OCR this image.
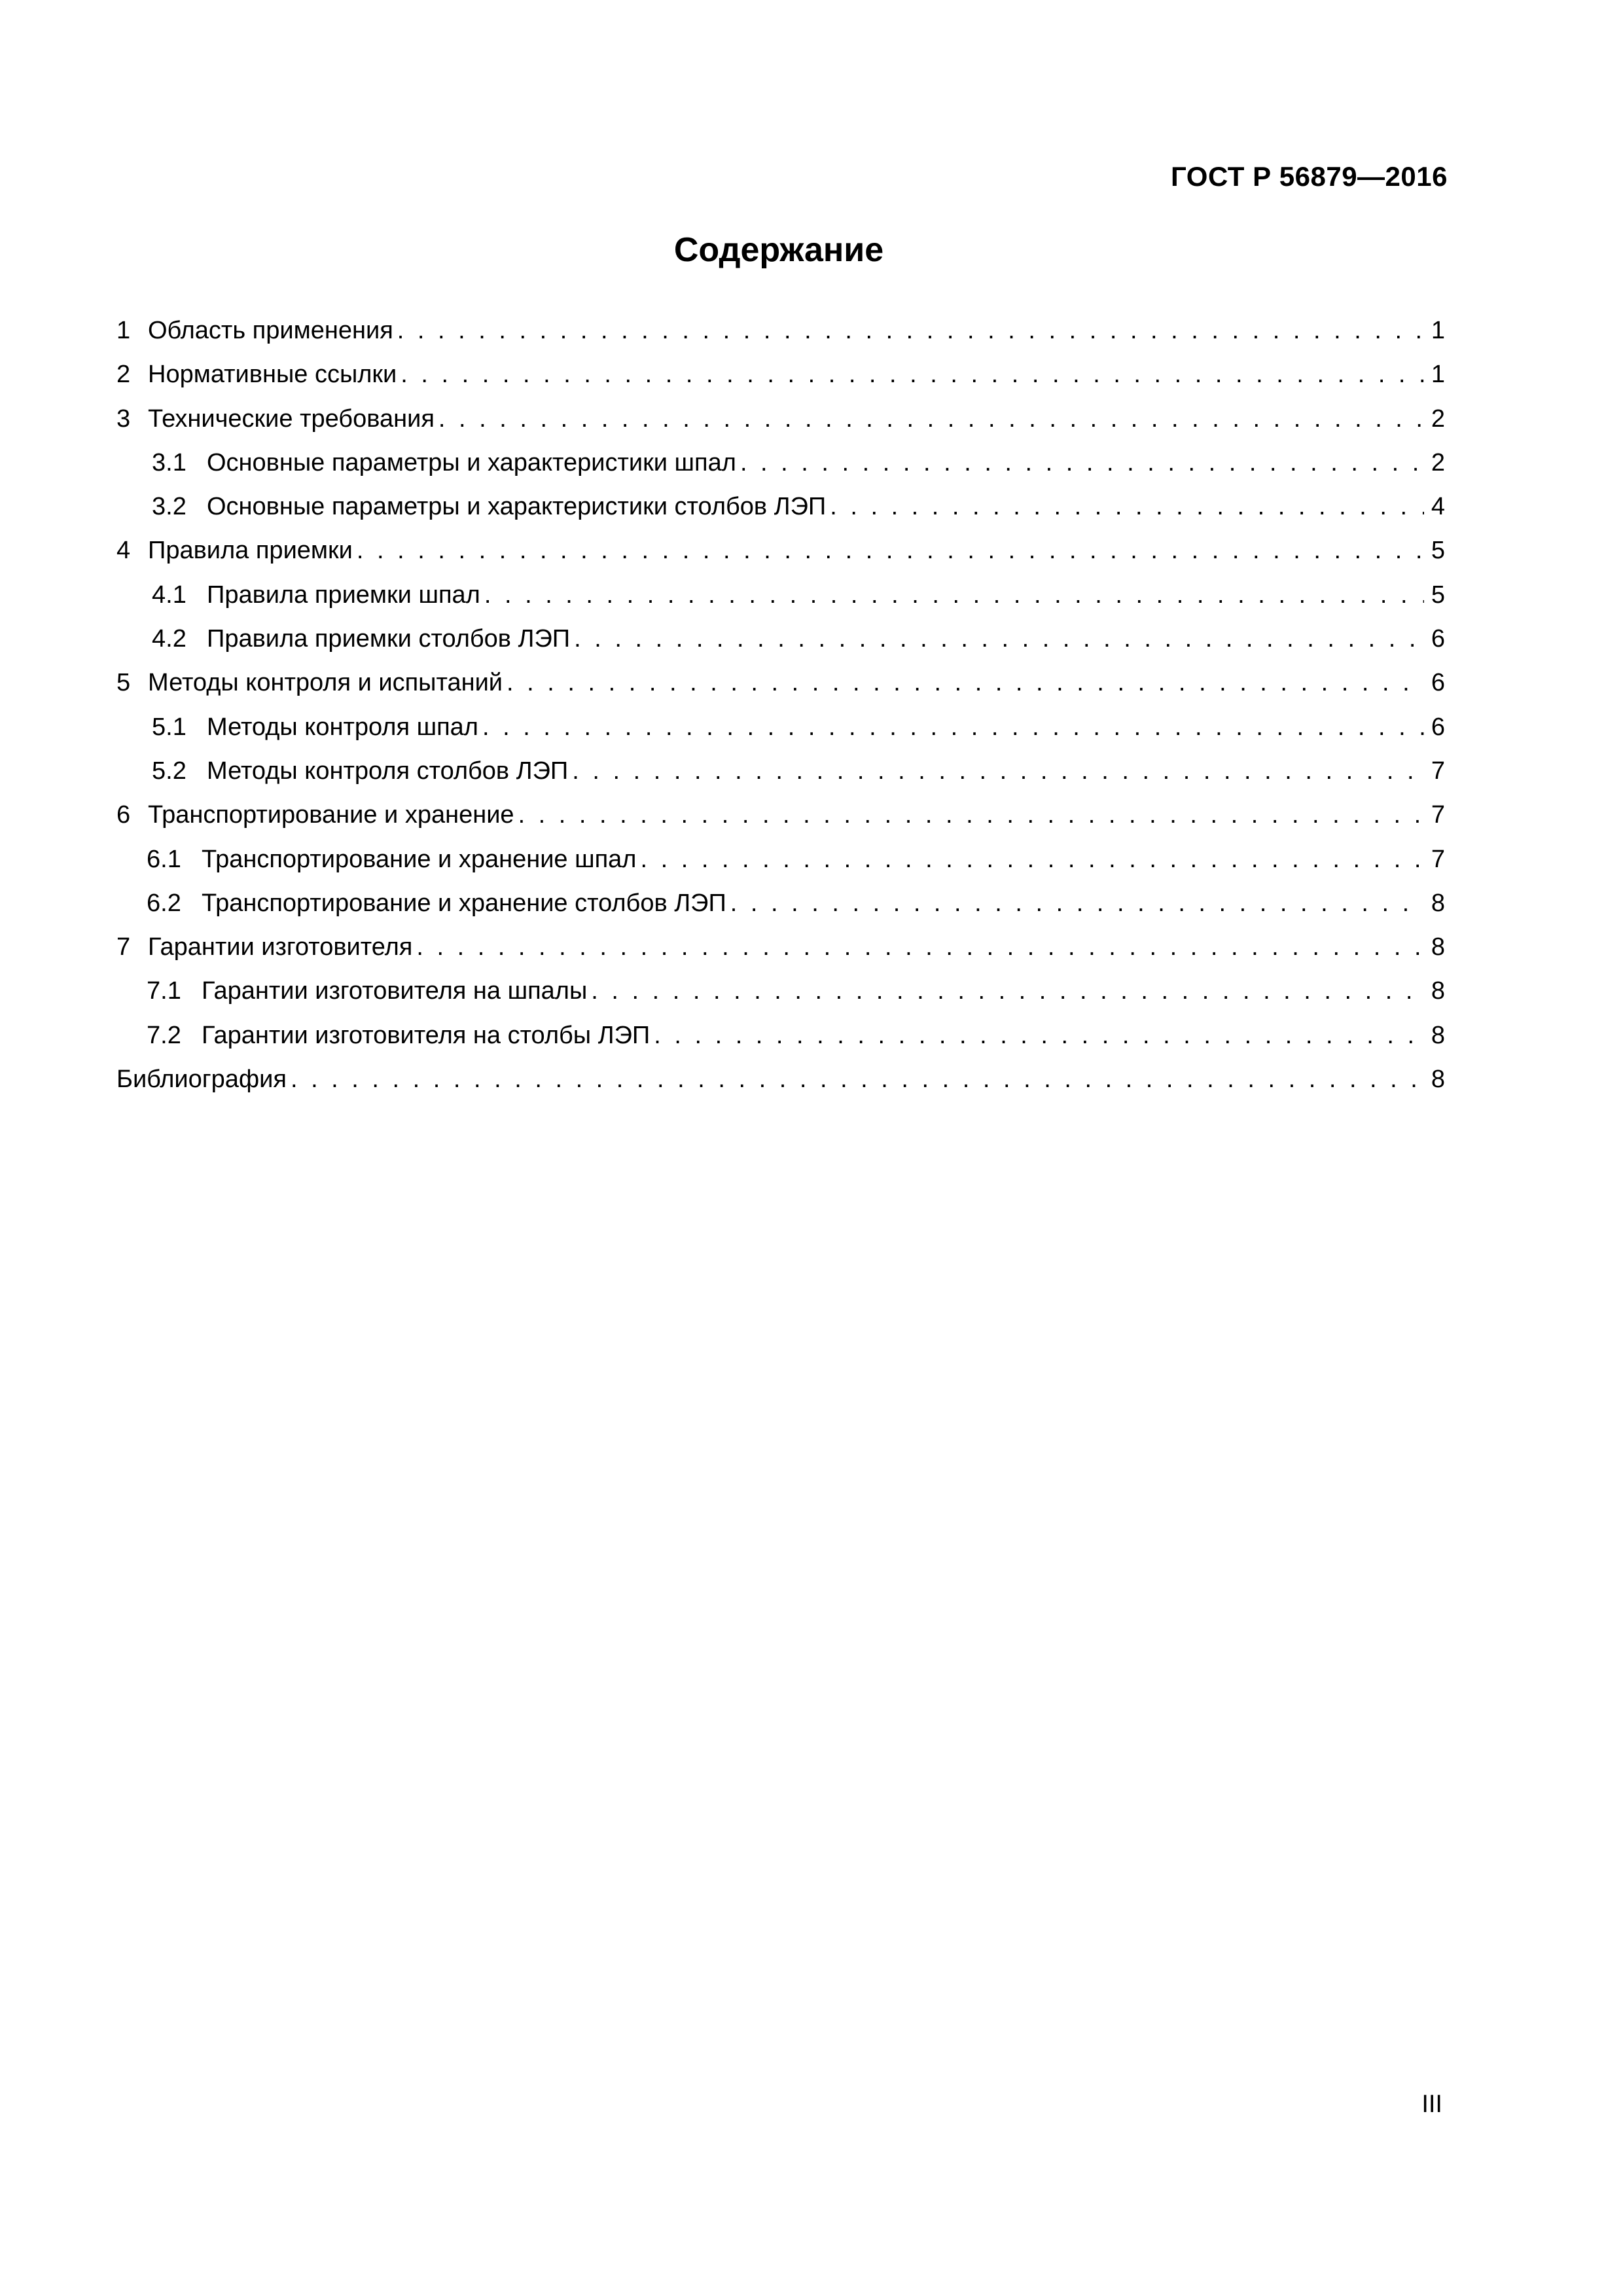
ГОСТ Р 56879—2016
Содержание
1 Область применения . . .	1
2 Нормативные ссылки . . .	1
3 Технические требования . . .	2
3.1 Основные параметры и характеристики шпал . . .	2
3.2 Основные параметры и характеристики столбов ЛЭП . . .	4
4 Правила приемки . . .	5
4.1 Правила приемки шпал . . .	5
4.2 Правила приемки столбов ЛЭП . . .	6
5 Методы контроля и испытаний . . .	6
5.1 Методы контроля шпал . . .	6
5.2 Методы контроля столбов ЛЭП . . .	7
6 Транспортирование и хранение . . .	7
6.1 Транспортирование и хранение шпал . . .	7
6.2 Транспортирование и хранение столбов ЛЭП . . .	8
7 Гарантии изготовителя . . .	8
7.1 Гарантии изготовителя на шпалы . . .	8
7.2 Гарантии изготовителя на столбы ЛЭП . . .	8
Библиография . . .	8
III
